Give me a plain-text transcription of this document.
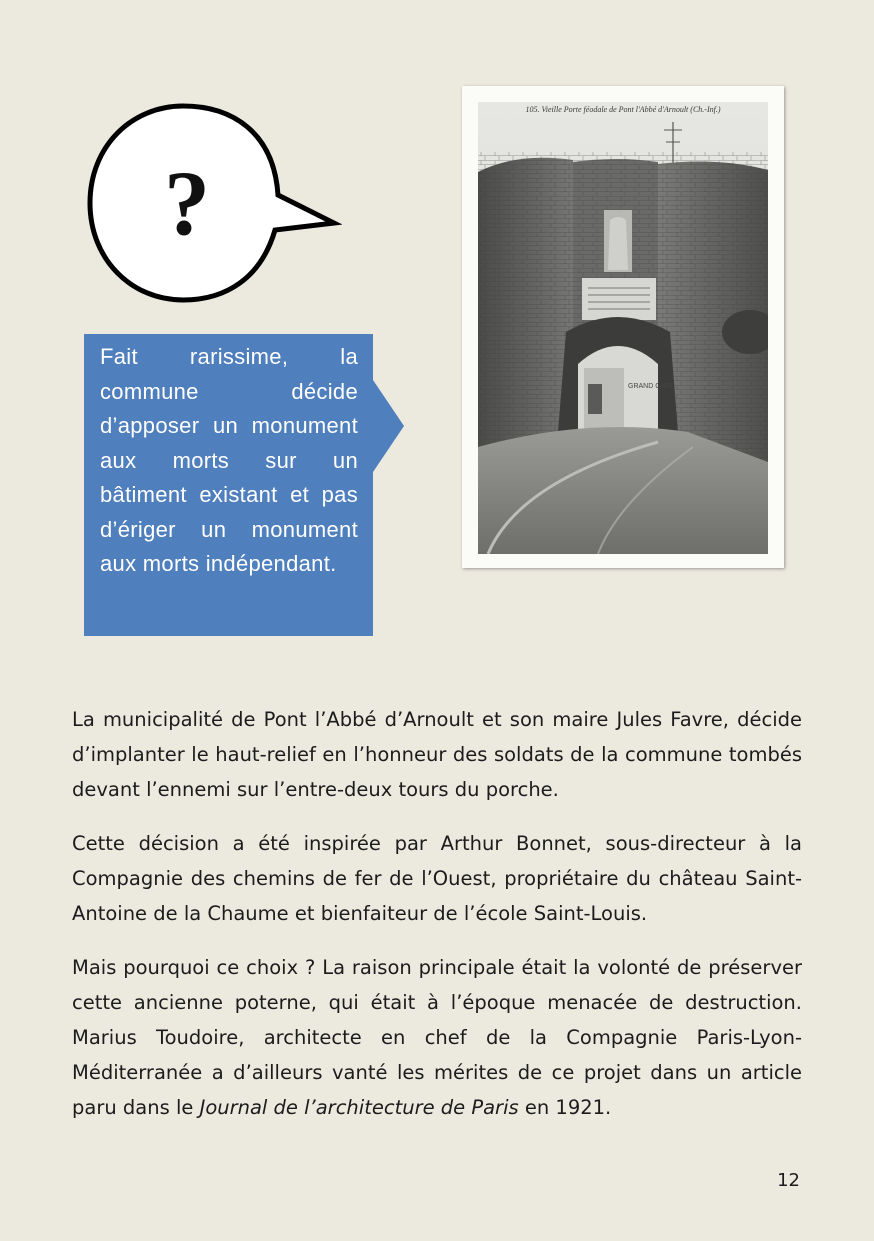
?
Fait rarissime, la commune décide d’apposer un monument aux morts sur un bâtiment existant et pas d’ériger un monument aux morts indépendant.
GRAND CAFE
105. Vieille Porte féodale de Pont l'Abbé d'Arnoult (Ch.-Inf.)

La municipalité de Pont l’Abbé d’Arnoult et son maire Jules Favre, décide d’implanter le haut-relief en l’honneur des soldats de la commune tombés devant l’ennemi sur l’entre-deux tours du porche.

Cette décision a été inspirée par Arthur Bonnet, sous-directeur à la Compagnie des chemins de fer de l’Ouest, propriétaire du château Saint-Antoine de la Chaume et bienfaiteur de l’école Saint-Louis.

Mais pourquoi ce choix ? La raison principale était la volonté de préserver cette ancienne poterne, qui était à l’époque menacée de destruction. Marius Toudoire, architecte en chef de la Compagnie Paris-Lyon-Méditerranée a d’ailleurs vanté les mérites de ce projet dans un article paru dans le Journal de l’architecture de Paris en 1921.

12
